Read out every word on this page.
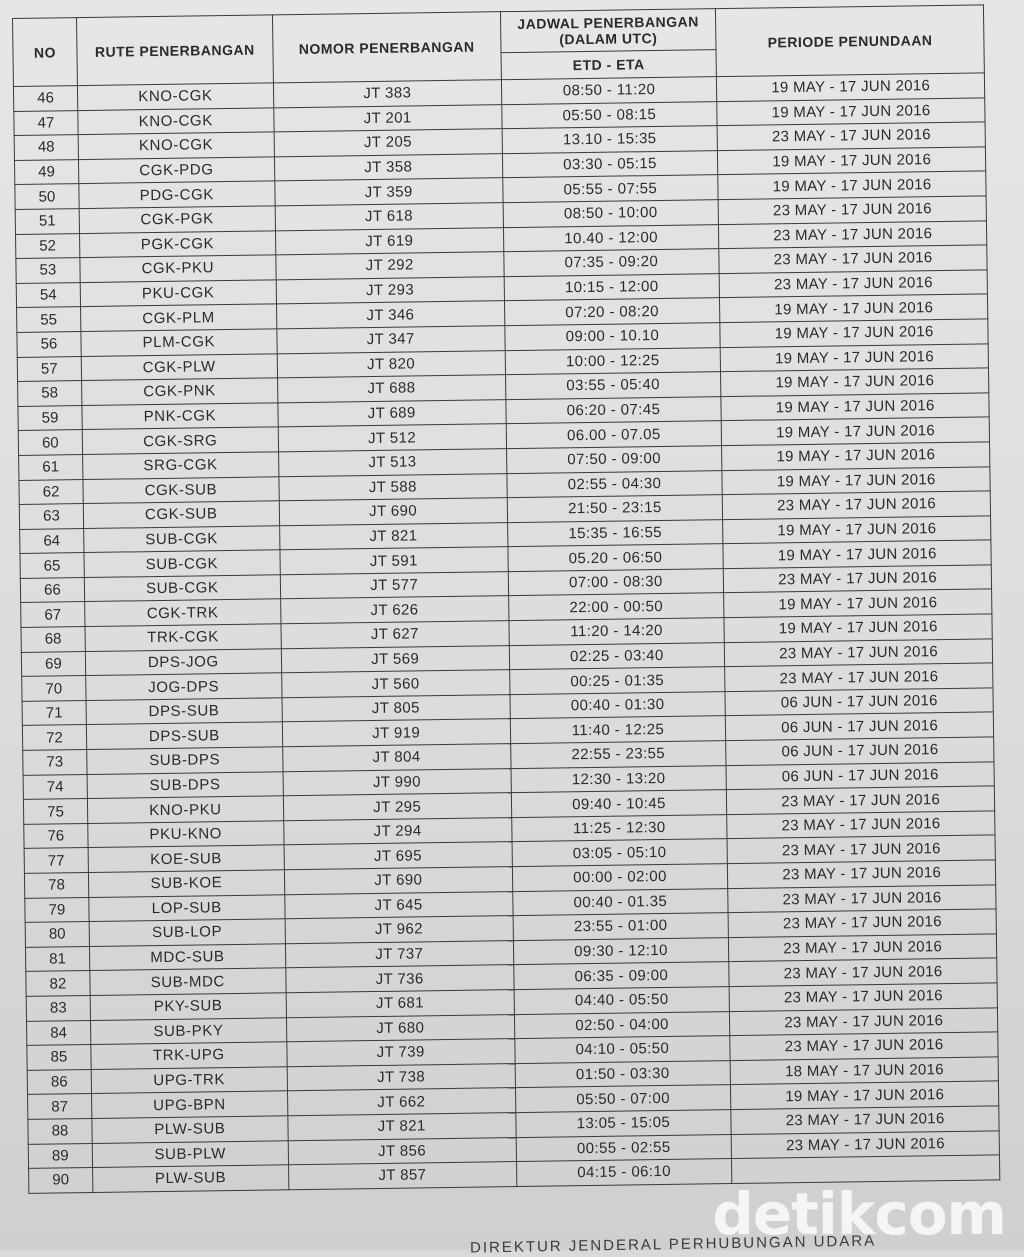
NO	RUTE PENERBANGAN	NOMOR PENERBANGAN	JADWAL PENERBANGAN (DALAM UTC)	PERIODE PENUNDAAN
			ETD - ETA	
46	KNO-CGK	JT 383	08:50 - 11:20	19 MAY - 17 JUN 2016
47	KNO-CGK	JT 201	05:50 - 08:15	19 MAY - 17 JUN 2016
48	KNO-CGK	JT 205	13.10 - 15:35	23 MAY - 17 JUN 2016
49	CGK-PDG	JT 358	03:30 - 05:15	19 MAY - 17 JUN 2016
50	PDG-CGK	JT 359	05:55 - 07:55	19 MAY - 17 JUN 2016
51	CGK-PGK	JT 618	08:50 - 10:00	23 MAY - 17 JUN 2016
52	PGK-CGK	JT 619	10.40 - 12:00	23 MAY - 17 JUN 2016
53	CGK-PKU	JT 292	07:35 - 09:20	23 MAY - 17 JUN 2016
54	PKU-CGK	JT 293	10:15 - 12:00	23 MAY - 17 JUN 2016
55	CGK-PLM	JT 346	07:20 - 08:20	19 MAY - 17 JUN 2016
56	PLM-CGK	JT 347	09:00 - 10.10	19 MAY - 17 JUN 2016
57	CGK-PLW	JT 820	10:00 - 12:25	19 MAY - 17 JUN 2016
58	CGK-PNK	JT 688	03:55 - 05:40	19 MAY - 17 JUN 2016
59	PNK-CGK	JT 689	06:20 - 07:45	19 MAY - 17 JUN 2016
60	CGK-SRG	JT 512	06.00 - 07.05	19 MAY - 17 JUN 2016
61	SRG-CGK	JT 513	07:50 - 09:00	19 MAY - 17 JUN 2016
62	CGK-SUB	JT 588	02:55 - 04:30	19 MAY - 17 JUN 2016
63	CGK-SUB	JT 690	21:50 - 23:15	23 MAY - 17 JUN 2016
64	SUB-CGK	JT 821	15:35 - 16:55	19 MAY - 17 JUN 2016
65	SUB-CGK	JT 591	05.20 - 06:50	19 MAY - 17 JUN 2016
66	SUB-CGK	JT 577	07:00 - 08:30	23 MAY - 17 JUN 2016
67	CGK-TRK	JT 626	22:00 - 00:50	19 MAY - 17 JUN 2016
68	TRK-CGK	JT 627	11:20 - 14:20	19 MAY - 17 JUN 2016
69	DPS-JOG	JT 569	02:25 - 03:40	23 MAY - 17 JUN 2016
70	JOG-DPS	JT 560	00:25 - 01:35	23 MAY - 17 JUN 2016
71	DPS-SUB	JT 805	00:40 - 01:30	06 JUN - 17 JUN 2016
72	DPS-SUB	JT 919	11:40 - 12:25	06 JUN - 17 JUN 2016
73	SUB-DPS	JT 804	22:55 - 23:55	06 JUN - 17 JUN 2016
74	SUB-DPS	JT 990	12:30 - 13:20	06 JUN - 17 JUN 2016
75	KNO-PKU	JT 295	09:40 - 10:45	23 MAY - 17 JUN 2016
76	PKU-KNO	JT 294	11:25 - 12:30	23 MAY - 17 JUN 2016
77	KOE-SUB	JT 695	03:05 - 05:10	23 MAY - 17 JUN 2016
78	SUB-KOE	JT 690	00:00 - 02:00	23 MAY - 17 JUN 2016
79	LOP-SUB	JT 645	00:40 - 01.35	23 MAY - 17 JUN 2016
80	SUB-LOP	JT 962	23:55 - 01:00	23 MAY - 17 JUN 2016
81	MDC-SUB	JT 737	09:30 - 12:10	23 MAY - 17 JUN 2016
82	SUB-MDC	JT 736	06:35 - 09:00	23 MAY - 17 JUN 2016
83	PKY-SUB	JT 681	04:40 - 05:50	23 MAY - 17 JUN 2016
84	SUB-PKY	JT 680	02:50 - 04:00	23 MAY - 17 JUN 2016
85	TRK-UPG	JT 739	04:10 - 05:50	23 MAY - 17 JUN 2016
86	UPG-TRK	JT 738	01:50 - 03:30	18 MAY - 17 JUN 2016
87	UPG-BPN	JT 662	05:50 - 07:00	19 MAY - 17 JUN 2016
88	PLW-SUB	JT 821	13:05 - 15:05	23 MAY - 17 JUN 2016
89	SUB-PLW	JT 856	00:55 - 02:55	23 MAY - 17 JUN 2016
90	PLW-SUB	JT 857	04:15 - 06:10	
DIREKTUR JENDERAL PERHUBUNGAN UDARA
detikcom
